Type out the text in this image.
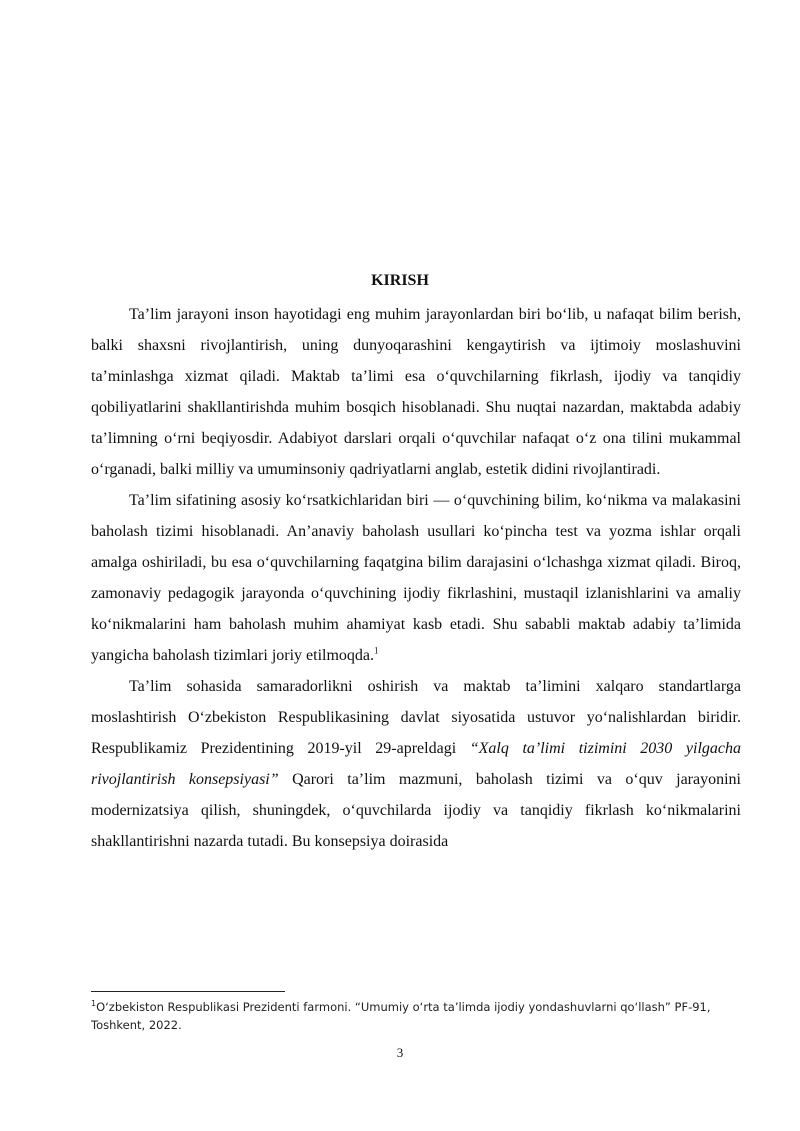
KIRISH

Ta’lim jarayoni inson hayotidagi eng muhim jarayonlardan biri bo‘lib, u nafaqat bilim berish, balki shaxsni rivojlantirish, uning dunyoqarashini kengaytirish va ijtimoiy moslashuvini ta’minlashga xizmat qiladi. Maktab ta’limi esa o‘quvchilarning fikrlash, ijodiy va tanqidiy qobiliyatlarini shakllantirishda muhim bosqich hisoblanadi. Shu nuqtai nazardan, maktabda adabiy ta’limning o‘rni beqiyosdir. Adabiyot darslari orqali o‘quvchilar nafaqat o‘z ona tilini mukammal o‘rganadi, balki milliy va umuminsoniy qadriyatlarni anglab, estetik didini rivojlantiradi.

Ta’lim sifatining asosiy ko‘rsatkichlaridan biri — o‘quvchining bilim, ko‘nikma va malakasini baholash tizimi hisoblanadi. An’anaviy baholash usullari ko‘pincha test va yozma ishlar orqali amalga oshiriladi, bu esa o‘quvchilarning faqatgina bilim darajasini o‘lchashga xizmat qiladi. Biroq, zamonaviy pedagogik jarayonda o‘quvchining ijodiy fikrlashini, mustaqil izlanishlarini va amaliy ko‘nikmalarini ham baholash muhim ahamiyat kasb etadi. Shu sababli maktab adabiy ta’limida yangicha baholash tizimlari joriy etilmoqda.$^1$

Ta’lim sohasida samaradorlikni oshirish va maktab ta’limini xalqaro standartlarga moslashtirish O‘zbekiston Respublikasining davlat siyosatida ustuvor yo‘nalishlardan biridir. Respublikamiz Prezidentining 2019-yil 29-apreldagi “Xalq ta’limi tizimini 2030 yilgacha rivojlantirish konsepsiyasi” Qarori ta’lim mazmuni, baholash tizimi va o‘quv jarayonini modernizatsiya qilish, shuningdek, o‘quvchilarda ijodiy va tanqidiy fikrlash ko‘nikmalarini shakllantirishni nazarda tutadi. Bu konsepsiya doirasida

$^1$O‘zbekiston Respublikasi Prezidenti farmoni. “Umumiy o‘rta ta’limda ijodiy yondashuvlarni qo‘llash” PF-91, Toshkent, 2022.
3
